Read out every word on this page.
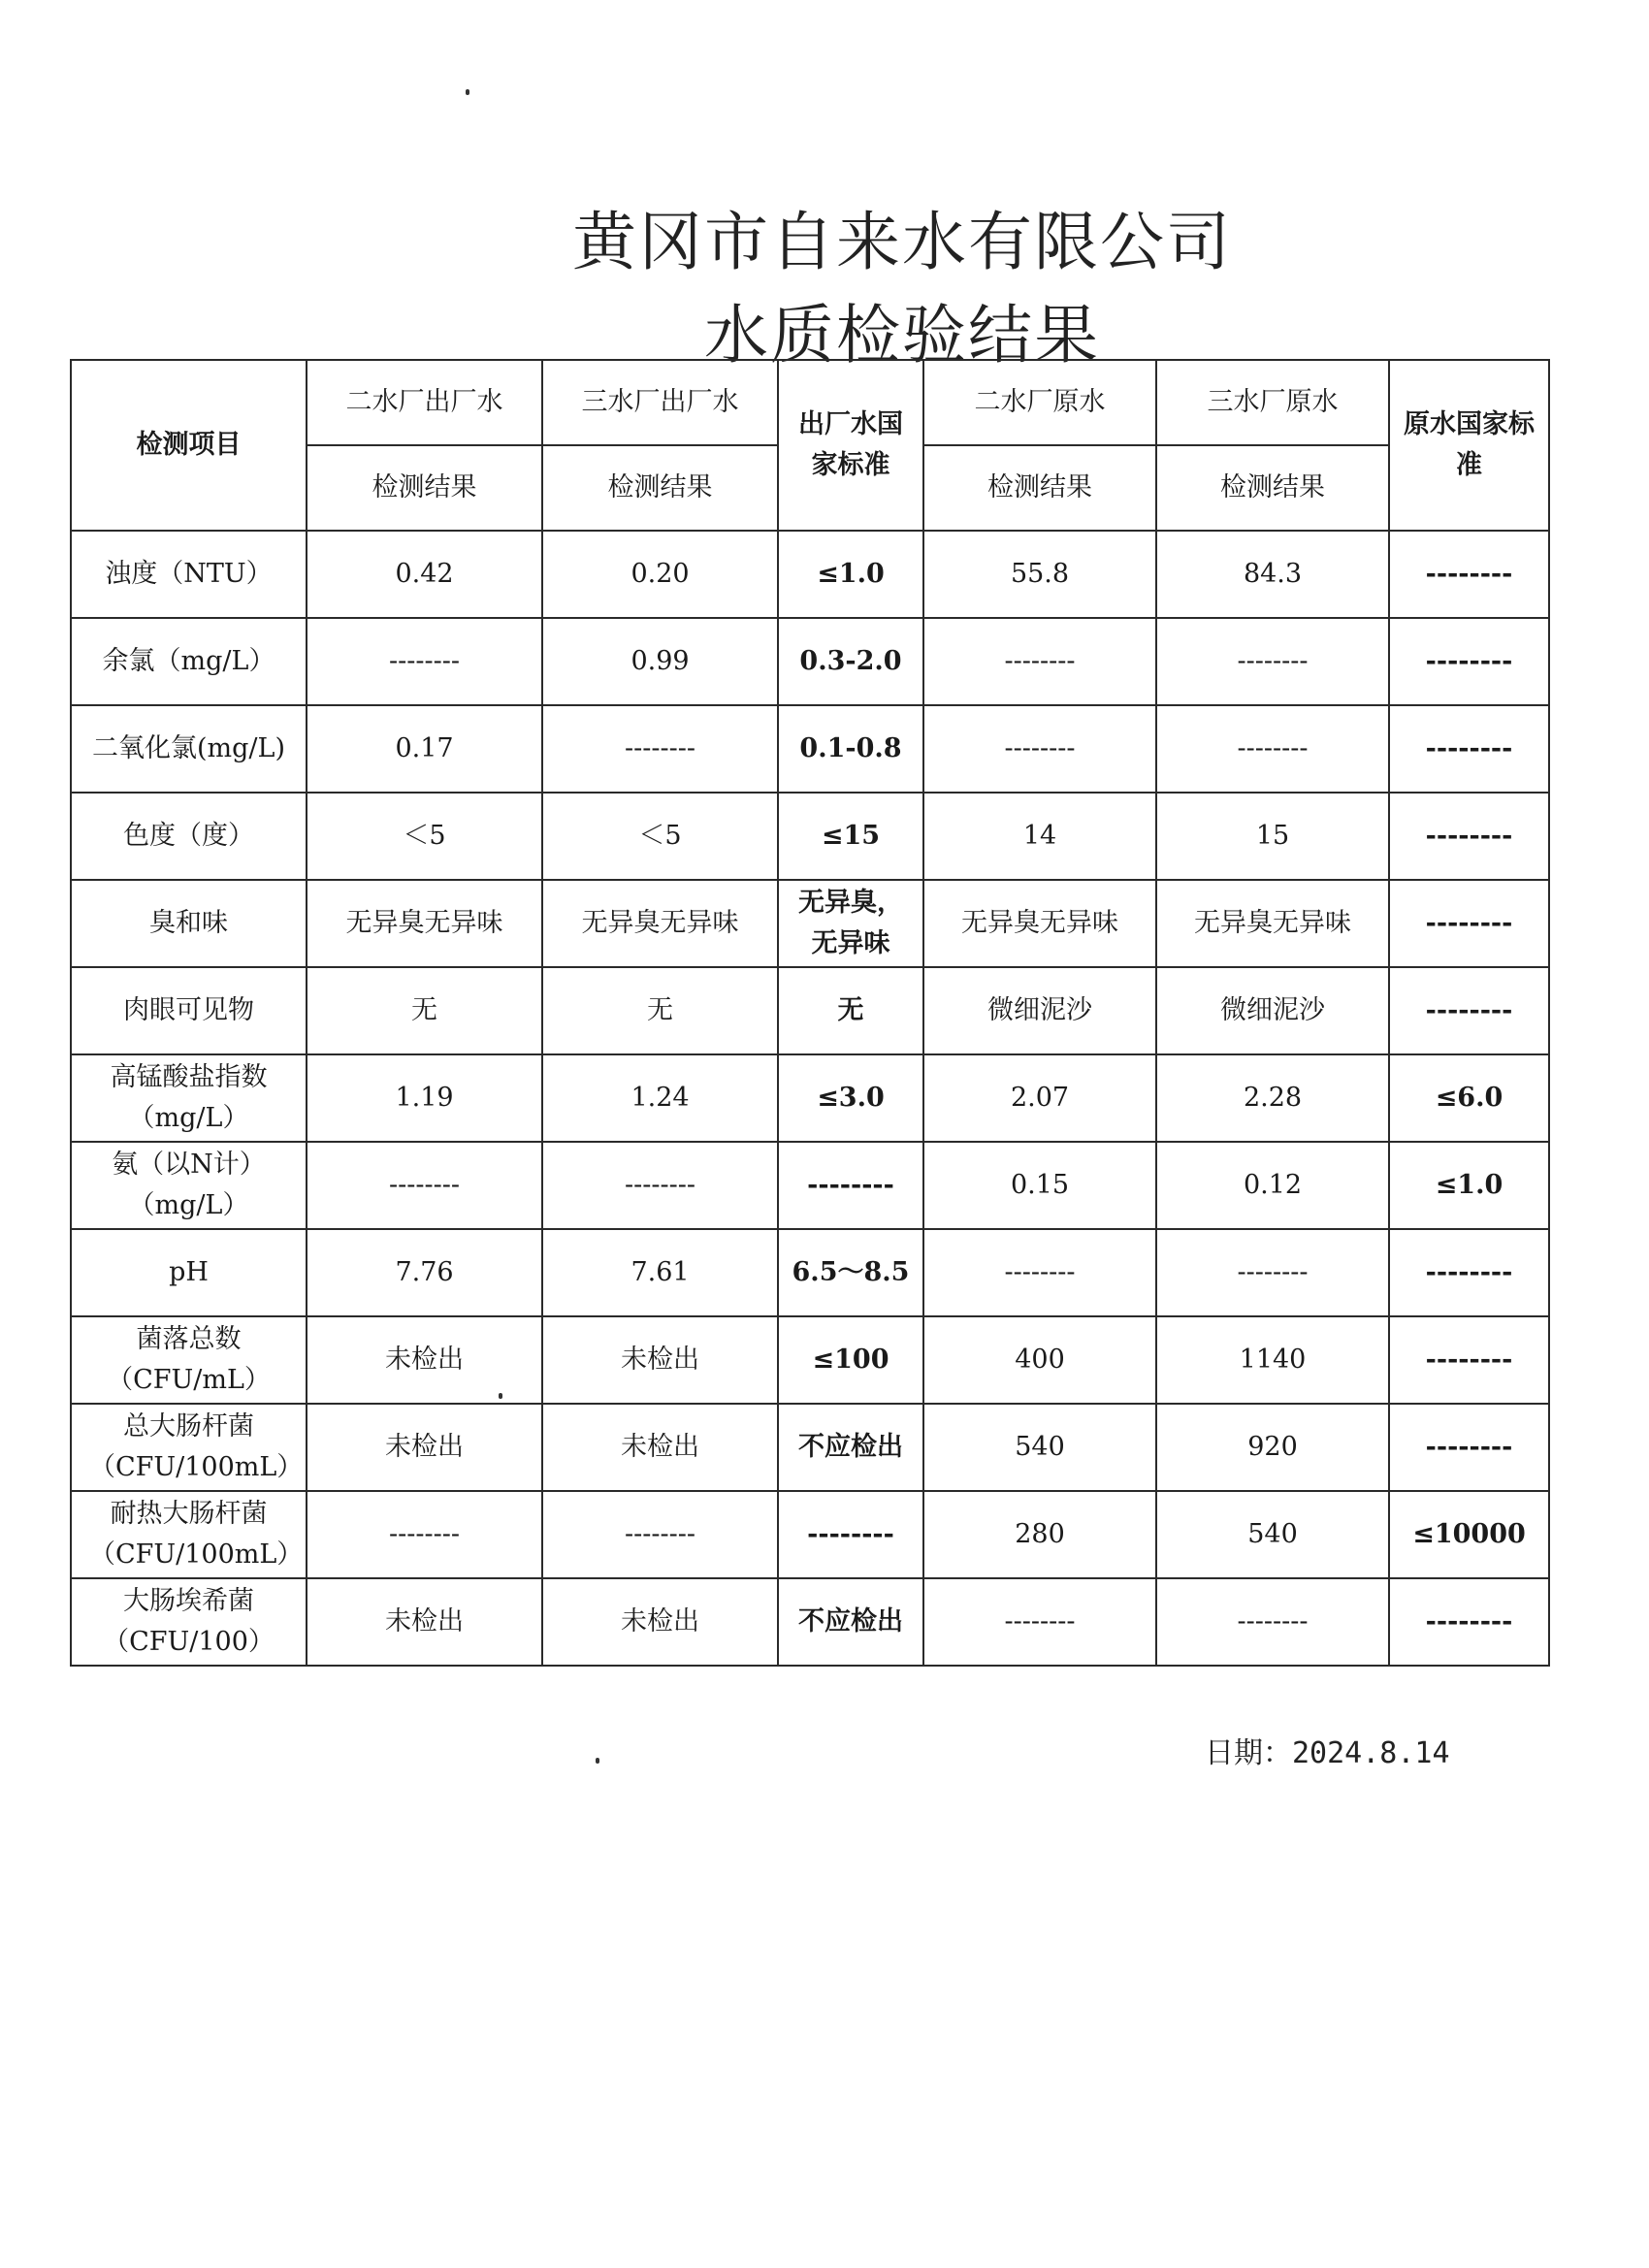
黄冈市自来水有限公司
水质检验结果
检测项目	二水厂出厂水	三水厂出厂水	出厂水国家标准	二水厂原水	三水厂原水	原水国家标准
	检测结果	检测结果		检测结果	检测结果	
浊度（NTU）	0.42	0.20	≤1.0	55.8	84.3	--------
余氯（mg/L）	--------	0.99	0.3-2.0	--------	--------	--------
二氧化氯(mg/L)	0.17	--------	0.1-0.8	--------	--------	--------
色度（度）	＜5	＜5	≤15	14	15	--------
臭和味	无异臭无异味	无异臭无异味	无异臭，无异味	无异臭无异味	无异臭无异味	--------
肉眼可见物	无	无	无	微细泥沙	微细泥沙	--------
高锰酸盐指数（mg/L）	1.19	1.24	≤3.0	2.07	2.28	≤6.0
氨（以N计）（mg/L）	--------	--------	--------	0.15	0.12	≤1.0
pH	7.76	7.61	6.5～8.5	--------	--------	--------
菌落总数（CFU/mL）	未检出	未检出	≤100	400	1140	--------
总大肠杆菌（CFU/100mL）	未检出	未检出	不应检出	540	920	--------
耐热大肠杆菌（CFU/100mL）	--------	--------	--------	280	540	≤10000
大肠埃希菌（CFU/100）	未检出	未检出	不应检出	--------	--------	--------

日期：2024.8.14
